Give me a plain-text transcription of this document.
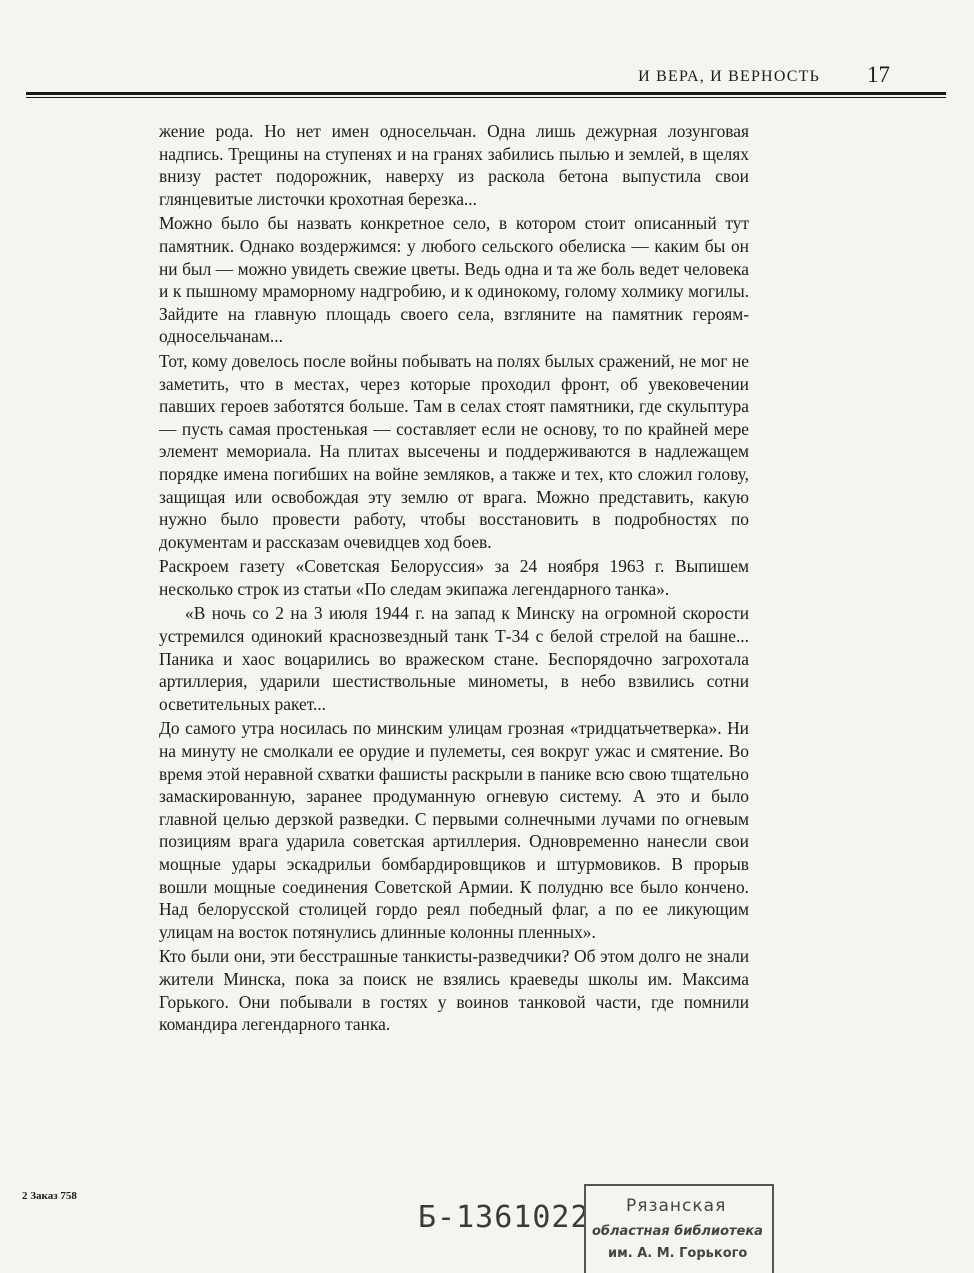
И ВЕРА, И ВЕРНОСТЬ 17

жение рода. Но нет имен односельчан. Одна лишь дежурная лозунговая надпись. Трещины на ступенях и на гранях забились пылью и землей, в щелях внизу растет подорожник, наверху из раскола бетона выпустила свои глянцевитые листочки крохотная березка...

Можно было бы назвать конкретное село, в котором стоит описанный тут памятник. Однако воздержимся: у любого сельского обелиска — каким бы он ни был — можно увидеть свежие цветы. Ведь одна и та же боль ведет человека и к пышному мраморному надгробию, и к одинокому, голому холмику могилы. Зайдите на главную площадь своего села, взгляните на памятник героям-односельчанам...

Тот, кому довелось после войны побывать на полях былых сражений, не мог не заметить, что в местах, через которые проходил фронт, об увековечении павших героев заботятся больше. Там в селах стоят памятники, где скульптура — пусть самая простенькая — составляет если не основу, то по крайней мере элемент мемориала. На плитах высечены и поддерживаются в надлежащем порядке имена погибших на войне земляков, а также и тех, кто сложил голову, защищая или освобождая эту землю от врага. Можно представить, какую нужно было провести работу, чтобы восстановить в подробностях по документам и рассказам очевидцев ход боев.

Раскроем газету «Советская Белоруссия» за 24 ноября 1963 г. Выпишем несколько строк из статьи «По следам экипажа легендарного танка».

«В ночь со 2 на 3 июля 1944 г. на запад к Минску на огромной скорости устремился одинокий краснозвездный танк Т-34 с белой стрелой на башне... Паника и хаос воцарились во вражеском стане. Беспорядочно загрохотала артиллерия, ударили шестиствольные минометы, в небо взвились сотни осветительных ракет...

До самого утра носилась по минским улицам грозная «тридцатьчетверка». Ни на минуту не смолкали ее орудие и пулеметы, сея вокруг ужас и смятение. Во время этой неравной схватки фашисты раскрыли в панике всю свою тщательно замаскированную, заранее продуманную огневую систему. А это и было главной целью дерзкой разведки. С первыми солнечными лучами по огневым позициям врага ударила советская артиллерия. Одновременно нанесли свои мощные удары эскадрильи бомбардировщиков и штурмовиков. В прорыв вошли мощные соединения Советской Армии. К полудню все было кончено. Над белорусской столицей гордо реял победный флаг, а по ее ликующим улицам на восток потянулись длинные колонны пленных».

Кто были они, эти бесстрашные танкисты-разведчики? Об этом долго не знали жители Минска, пока за поиск не взялись краеведы школы им. Максима Горького. Они побывали в гостях у воинов танковой части, где помнили командира легендарного танка.

2 Заказ 758
Б-1361022 Рязанская
областная библиотека
им. А. М. Горького
